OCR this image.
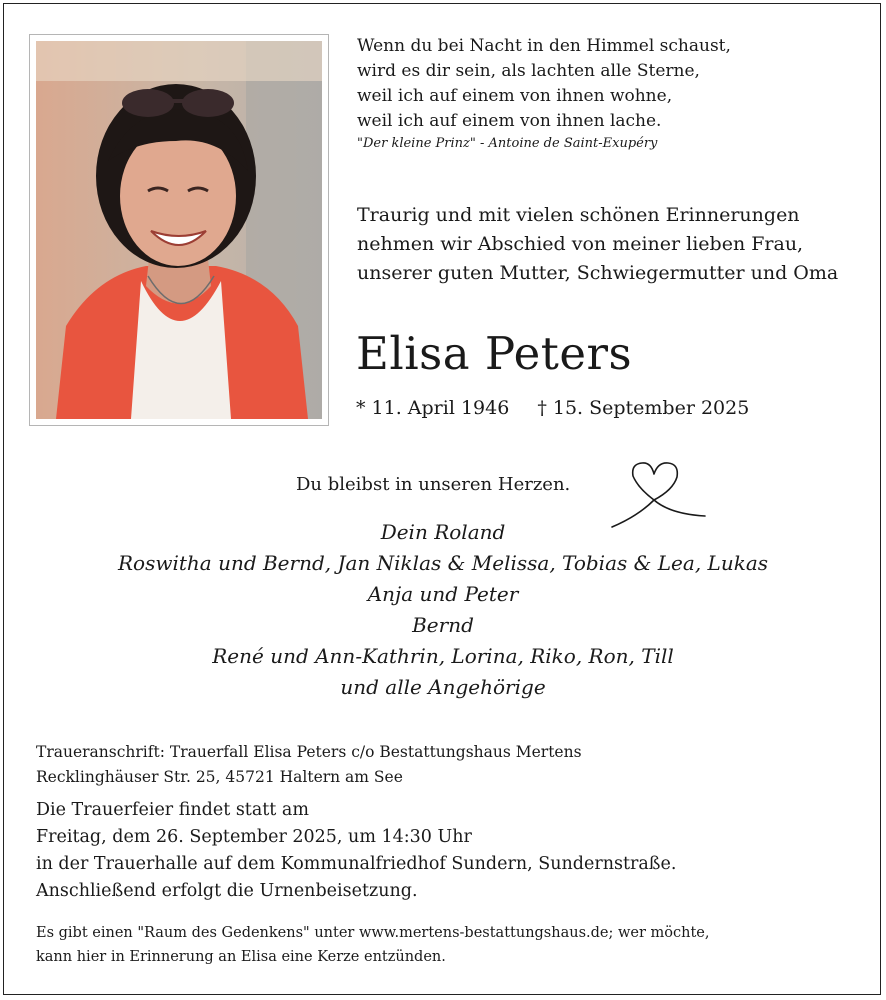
Wenn du bei Nacht in den Himmel schaust,
wird es dir sein, als lachten alle Sterne,
weil ich auf einem von ihnen wohne,
weil ich auf einem von ihnen lache.
"Der kleine Prinz" - Antoine de Saint-Exupéry
Traurig und mit vielen schönen Erinnerungen
nehmen wir Abschied von meiner lieben Frau,
unserer guten Mutter, Schwiegermutter und Oma
Elisa Peters
* 11. April 1946 † 15. September 2025
Du bleibst in unseren Herzen.
Dein Roland
Roswitha und Bernd, Jan Niklas & Melissa, Tobias & Lea, Lukas
Anja und Peter
Bernd
René und Ann-Kathrin, Lorina, Riko, Ron, Till
und alle Angehörige
Traueranschrift: Trauerfall Elisa Peters c/o Bestattungshaus Mertens
Recklinghäuser Str. 25, 45721 Haltern am See
Die Trauerfeier findet statt am
Freitag, dem 26. September 2025, um 14:30 Uhr
in der Trauerhalle auf dem Kommunalfriedhof Sundern, Sundernstraße.
Anschließend erfolgt die Urnenbeisetzung.
Es gibt einen "Raum des Gedenkens" unter www.mertens-bestattungshaus.de; wer möchte,
kann hier in Erinnerung an Elisa eine Kerze entzünden.
